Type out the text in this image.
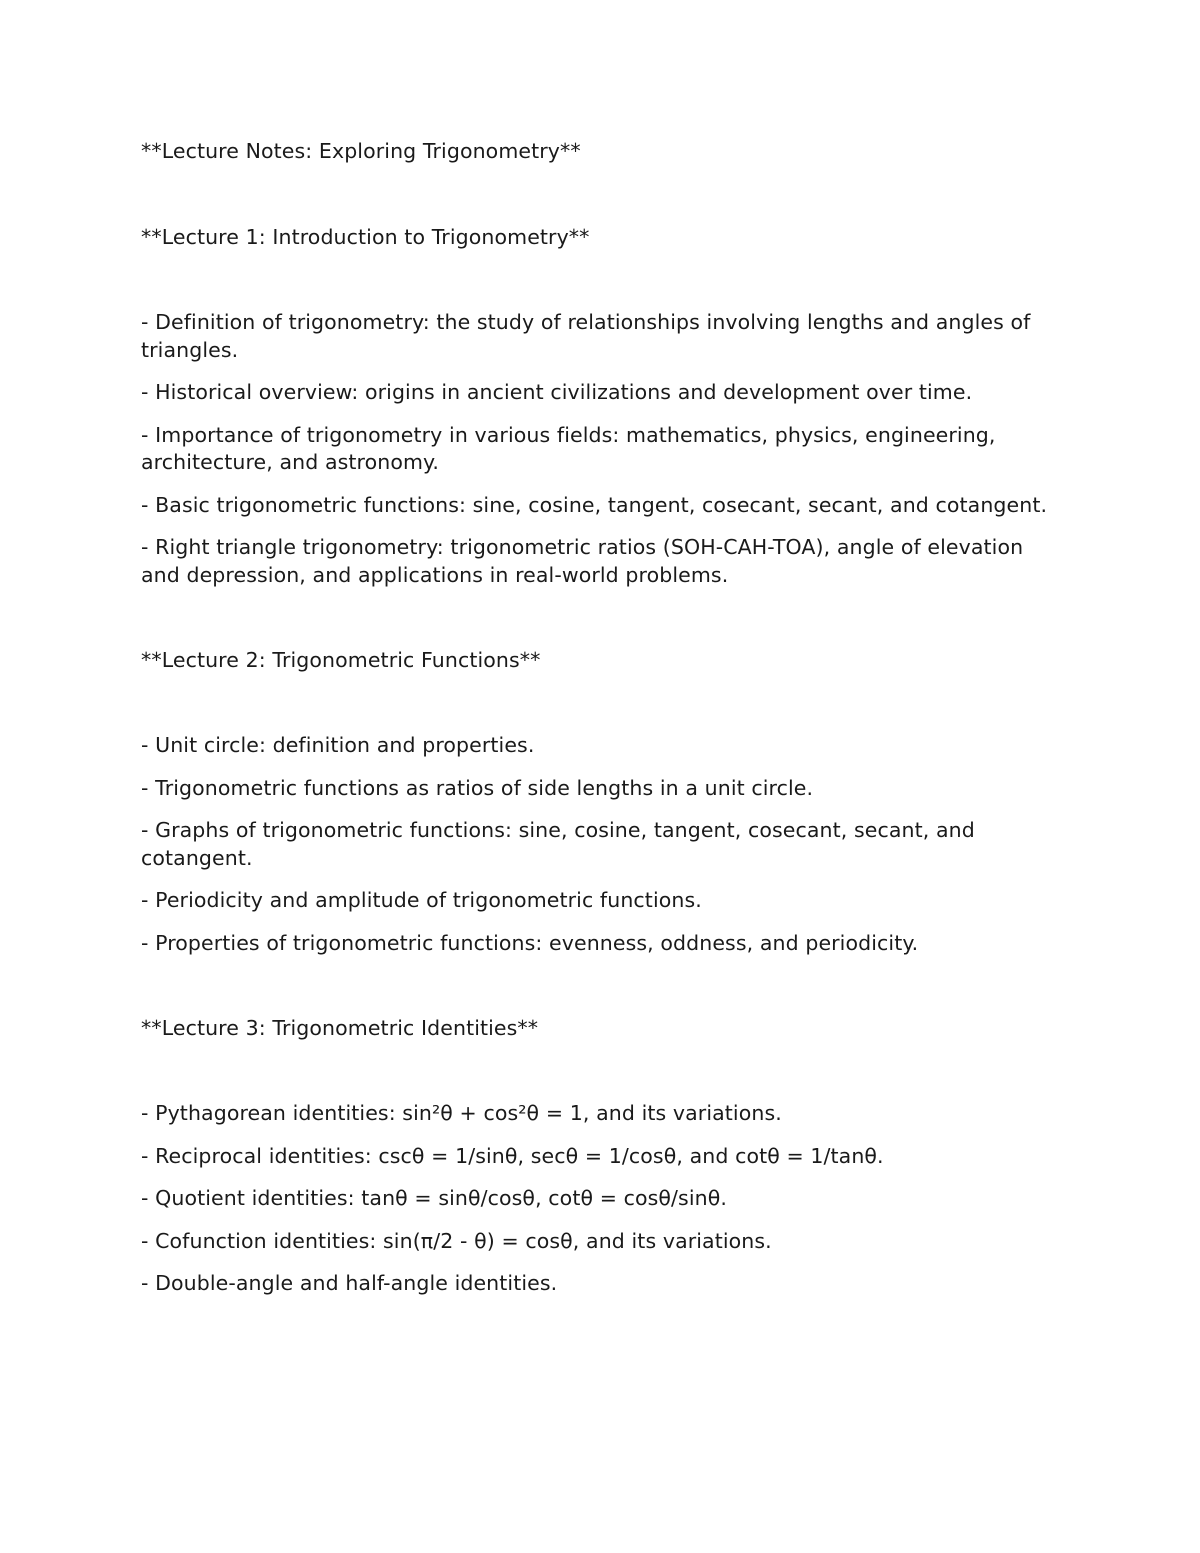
**Lecture Notes: Exploring Trigonometry**

**Lecture 1: Introduction to Trigonometry**

- Definition of trigonometry: the study of relationships involving lengths and angles of triangles.

- Historical overview: origins in ancient civilizations and development over time.

- Importance of trigonometry in various fields: mathematics, physics, engineering, architecture, and astronomy.

- Basic trigonometric functions: sine, cosine, tangent, cosecant, secant, and cotangent.

- Right triangle trigonometry: trigonometric ratios (SOH-CAH-TOA), angle of elevation and depression, and applications in real-world problems.

**Lecture 2: Trigonometric Functions**

- Unit circle: definition and properties.

- Trigonometric functions as ratios of side lengths in a unit circle.

- Graphs of trigonometric functions: sine, cosine, tangent, cosecant, secant, and cotangent.

- Periodicity and amplitude of trigonometric functions.

- Properties of trigonometric functions: evenness, oddness, and periodicity.

**Lecture 3: Trigonometric Identities**

- Pythagorean identities: sin²θ + cos²θ = 1, and its variations.

- Reciprocal identities: cscθ = 1/sinθ, secθ = 1/cosθ, and cotθ = 1/tanθ.

- Quotient identities: tanθ = sinθ/cosθ, cotθ = cosθ/sinθ.

- Cofunction identities: sin(π/2 - θ) = cosθ, and its variations.

- Double-angle and half-angle identities.
